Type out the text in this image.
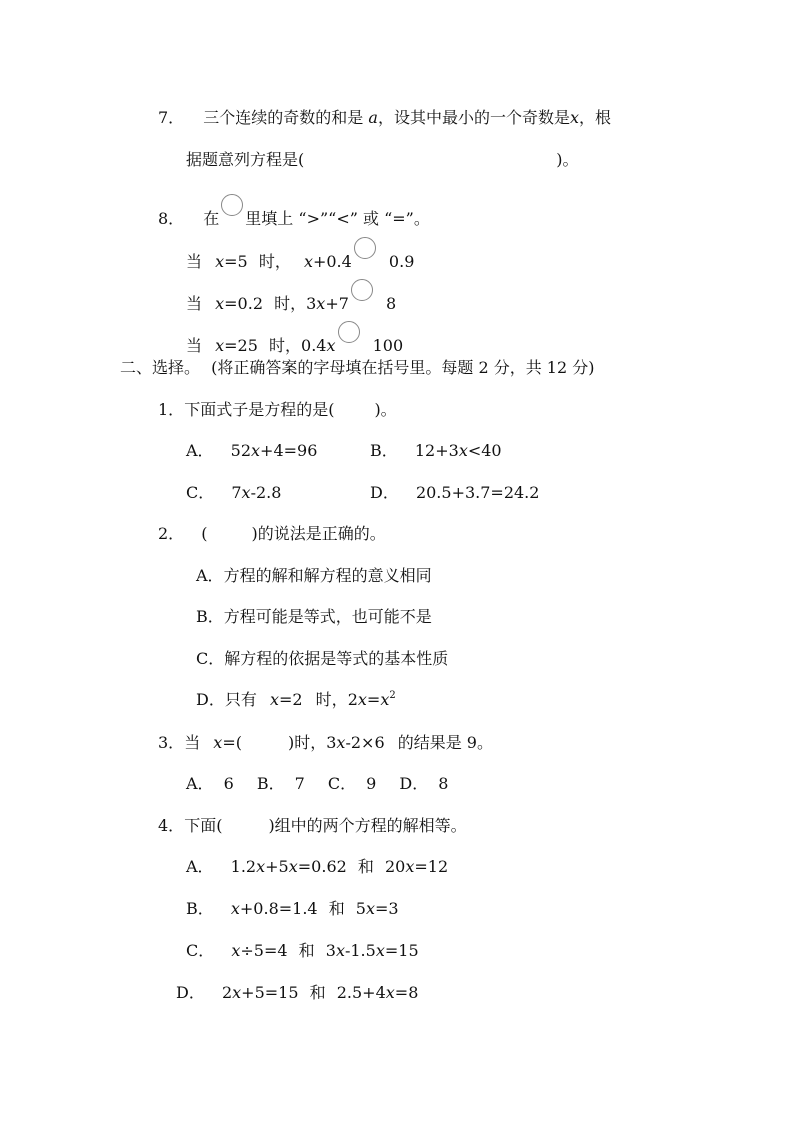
7． 三个连续的奇数的和是 a，设其中最小的一个奇数是x，根
据题意列方程是(	)。
8． 在 里填上 “>”“<” 或 “=”。
当 x=5 时， x+0.4 0.9
当 x=0.2 时，3x+7 8
当 x=25 时，0.4x 100
二、选择。 (将正确答案的字母填在括号里。每题 2 分，共 12 分)
1．下面式子是方程的是(	)。
A． 52x+4=96	B． 12+3x<40
C． 7x-2.8	D． 20.5+3.7=24.2
2． (	)的说法是正确的。
A．方程的解和解方程的意义相同
B．方程可能是等式，也可能不是
C．解方程的依据是等式的基本性质
D．只有 x=2 时，$2x=x^2$
3．当 x=(	)时，3x-2×6 的结果是 9。
A． 6 B． 7 C． 9 D． 8
4．下面(	)组中的两个方程的解相等。
A． 1.2x+5x=0.62 和 20x=12
B． x+0.8=1.4 和 5x=3
C． x÷5=4 和 3x-1.5x=15
D． 2x+5=15 和 2.5+4x=8
